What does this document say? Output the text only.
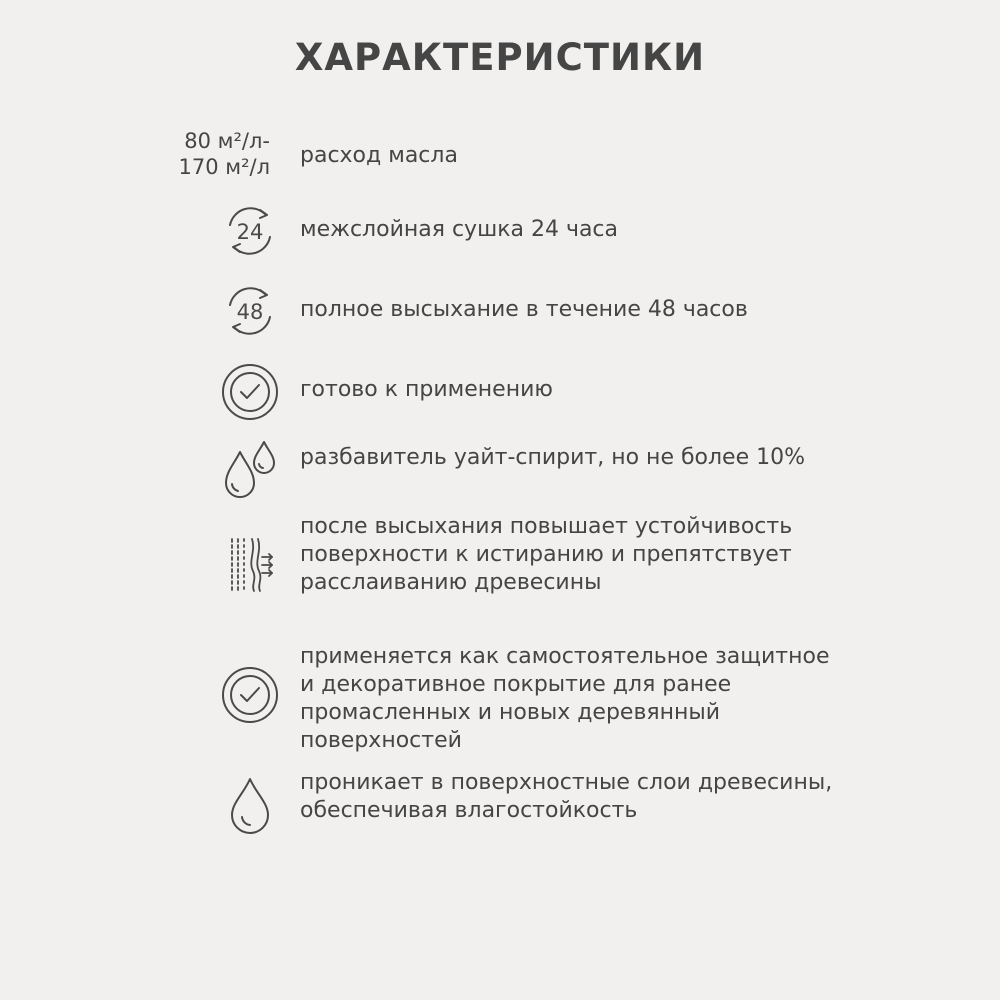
ХАРАКТЕРИСТИКИ
80 м²/л-
170 м²/л расход масла
24 межслойная сушка 24 часа
48 полное высыхание в течение 48 часов
готово к применению
разбавитель уайт-спирит, но не более 10%
после высыхания повышает устойчивость поверхности к истиранию и препятствует расслаиванию древесины
применяется как самостоятельное защитное и декоративное покрытие для ранее промасленных и новых деревянный поверхностей
проникает в поверхностные слои древесины, обеспечивая влагостойкость
